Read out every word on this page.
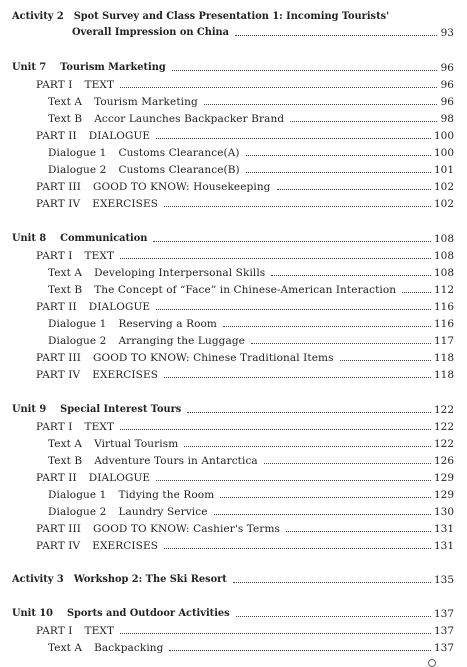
Activity 2 Spot Survey and Class Presentation 1: Incoming Tourists'
Overall Impression on China	93
Unit 7 Tourism Marketing	96
PART I TEXT	96
Text A Tourism Marketing	96
Text B Accor Launches Backpacker Brand	98
PART II DIALOGUE	100
Dialogue 1 Customs Clearance(A)	100
Dialogue 2 Customs Clearance(B)	101
PART III GOOD TO KNOW: Housekeeping	102
PART IV EXERCISES	102
Unit 8 Communication	108
PART I TEXT	108
Text A Developing Interpersonal Skills	108
Text B The Concept of “Face” in Chinese-American Interaction	112
PART II DIALOGUE	116
Dialogue 1 Reserving a Room	116
Dialogue 2 Arranging the Luggage	117
PART III GOOD TO KNOW: Chinese Traditional Items	118
PART IV EXERCISES	118
Unit 9 Special Interest Tours	122
PART I TEXT	122
Text A Virtual Tourism	122
Text B Adventure Tours in Antarctica	126
PART II DIALOGUE	129
Dialogue 1 Tidying the Room	129
Dialogue 2 Laundry Service	130
PART III GOOD TO KNOW: Cashier's Terms	131
PART IV EXERCISES	131
Activity 3 Workshop 2: The Ski Resort	135
Unit 10 Sports and Outdoor Activities	137
PART I TEXT	137
Text A Backpacking	137
